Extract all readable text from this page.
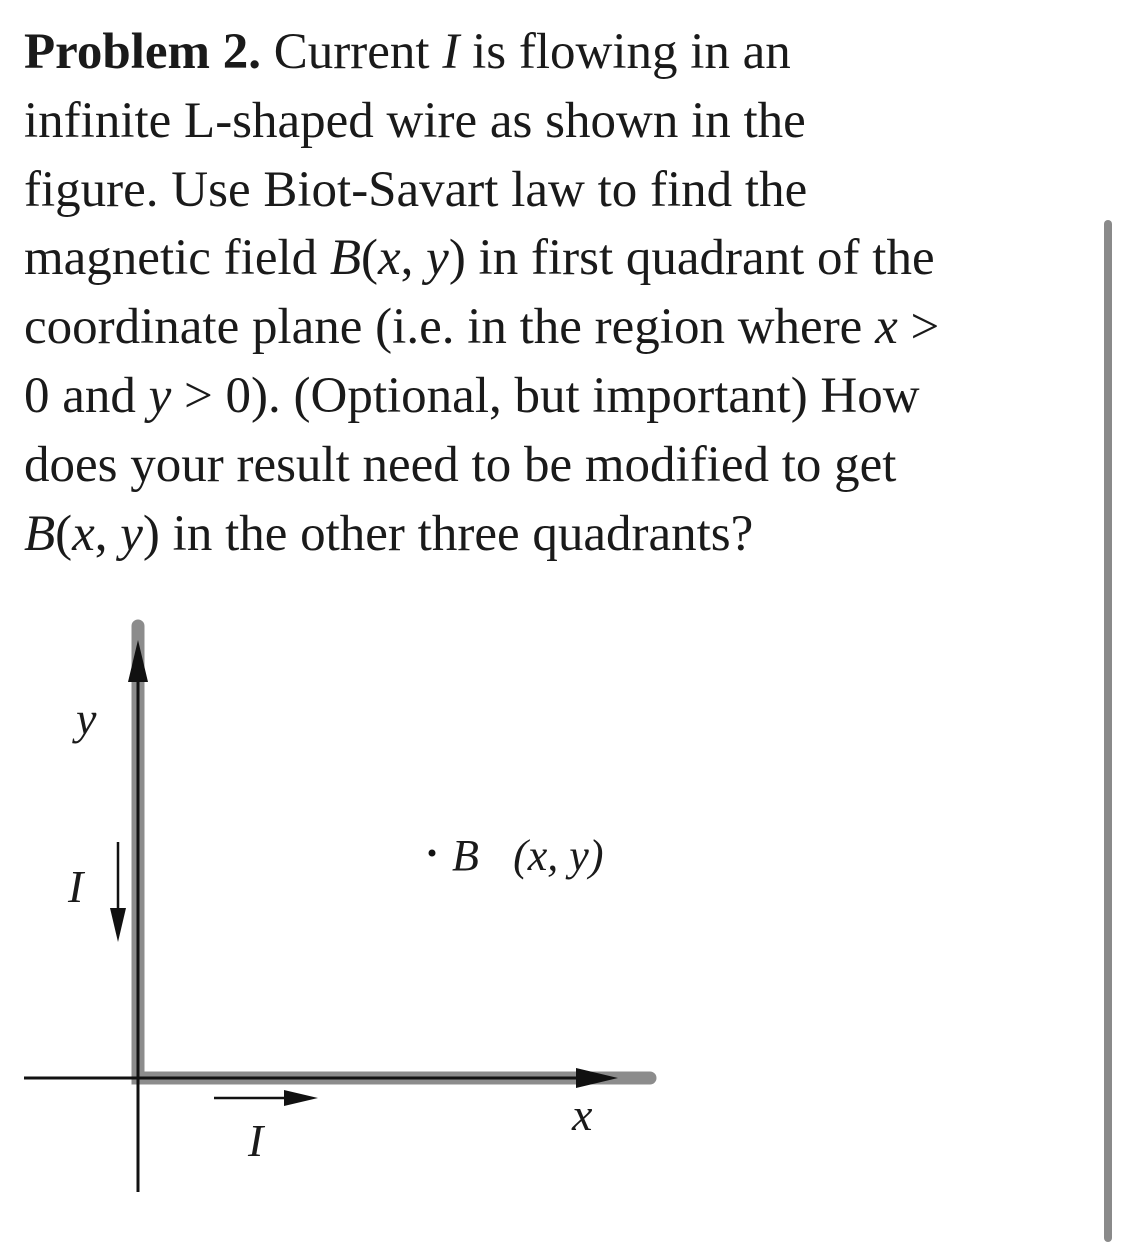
Problem 2. Current I is flowing in an
infinite L-shaped wire as shown in the
figure. Use Biot-Savart law to find the
magnetic field B(x, y) in first quadrant of the
coordinate plane (i.e. in the region where x >
0 and y > 0). (Optional, but important) How
does your result need to be modified to get
B(x, y) in the other three quadrants?
y
x
I
I
B⃗(x, y)
